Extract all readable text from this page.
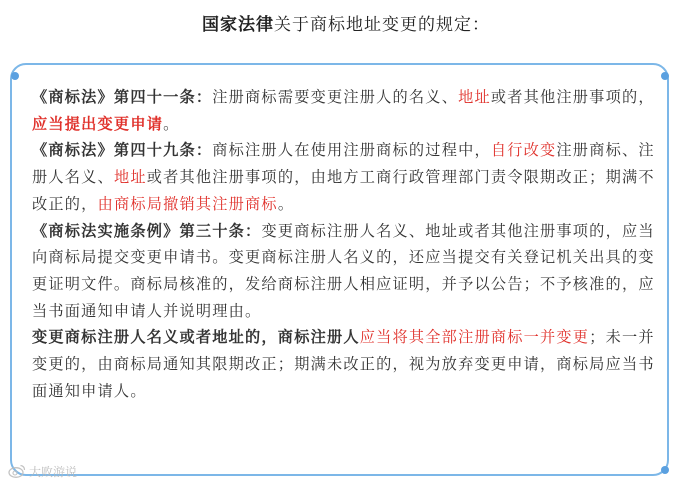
国家法律关于商标地址变更的规定：

《商标法》第四十一条：注册商标需要变更注册人的名义、地址或者其他注册事项的，应当提出变更申请。

《商标法》第四十九条：商标注册人在使用注册商标的过程中，自行改变注册商标、注册人名义、地址或者其他注册事项的，由地方工商行政管理部门责令限期改正；期满不改正的，由商标局撤销其注册商标。

《商标法实施条例》第三十条：变更商标注册人名义、地址或者其他注册事项的，应当向商标局提交变更申请书。变更商标注册人名义的，还应当提交有关登记机关出具的变更证明文件。商标局核准的，发给商标注册人相应证明，并予以公告；不予核准的，应当书面通知申请人并说明理由。

变更商标注册人名义或者地址的，商标注册人应当将其全部注册商标一并变更；未一并变更的，由商标局通知其限期改正；期满未改正的，视为放弃变更申请，商标局应当书面通知申请人。

大败游说
